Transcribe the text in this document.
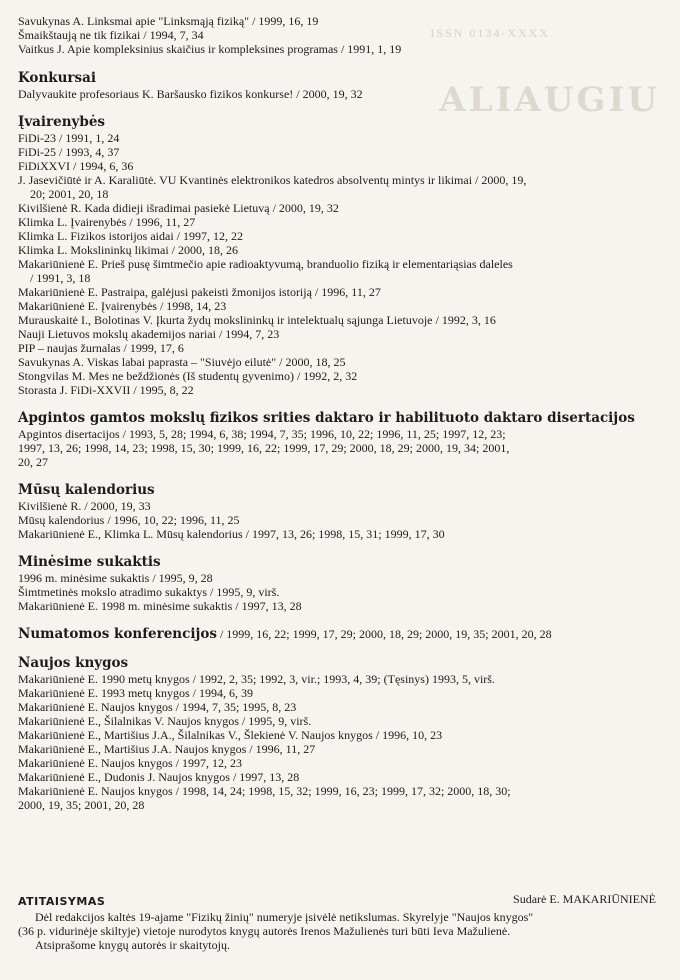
ISSN 0134-XXXX
ALIAUGIU
Savukynas A. Linksmai apie "Linksmąją fiziką" / 1999, 16, 19
Šmaikštaują ne tik fizikai / 1994, 7, 34
Vaitkus J. Apie kompleksinius skaičius ir kompleksines programas / 1991, 1, 19
Konkursai
Dalyvaukite profesoriaus K. Baršausko fizikos konkurse! / 2000, 19, 32
Įvairenybės
FiDi-23 / 1991, 1, 24
FiDi-25 / 1993, 4, 37
FiDiXXVI / 1994, 6, 36
J. Jasevičiūtė ir A. Karaliūtė. VU Kvantinės elektronikos katedros absolventų mintys ir likimai / 2000, 19,
20; 2001, 20, 18
Kivilšienė R. Kada didieji išradimai pasiekė Lietuvą / 2000, 19, 32
Klimka L. Įvairenybės / 1996, 11, 27
Klimka L. Fizikos istorijos aidai / 1997, 12, 22
Klimka L. Mokslininkų likimai / 2000, 18, 26
Makariūnienė E. Prieš pusę šimtmečio apie radioaktyvumą, branduolio fiziką ir elementariąsias daleles
/ 1991, 3, 18
Makariūnienė E. Pastraipa, galėjusi pakeisti žmonijos istoriją / 1996, 11, 27
Makariūnienė E. Įvairenybės / 1998, 14, 23
Murauskaitė I., Bolotinas V. Įkurta žydų mokslininkų ir intelektualų sąjunga Lietuvoje / 1992, 3, 16
Nauji Lietuvos mokslų akademijos nariai / 1994, 7, 23
PIP – naujas žurnalas / 1999, 17, 6
Savukynas A. Viskas labai paprasta – "Siuvėjo eilutė" / 2000, 18, 25
Stongvilas M. Mes ne beždžionės (Iš studentų gyvenimo) / 1992, 2, 32
Storasta J. FiDi-XXVII / 1995, 8, 22
Apgintos gamtos mokslų fizikos srities daktaro ir habilituoto daktaro disertacijos
Apgintos disertacijos / 1993, 5, 28; 1994, 6, 38; 1994, 7, 35; 1996, 10, 22; 1996, 11, 25; 1997, 12, 23;
1997, 13, 26; 1998, 14, 23; 1998, 15, 30; 1999, 16, 22; 1999, 17, 29; 2000, 18, 29; 2000, 19, 34; 2001,
20, 27
Mūsų kalendorius
Kivilšienė R. / 2000, 19, 33
Mūsų kalendorius / 1996, 10, 22; 1996, 11, 25
Makariūnienė E., Klimka L. Mūsų kalendorius / 1997, 13, 26; 1998, 15, 31; 1999, 17, 30
Minėsime sukaktis
1996 m. minėsime sukaktis / 1995, 9, 28
Šimtmetinės mokslo atradimo sukaktys / 1995, 9, virš.
Makariūnienė E. 1998 m. minėsime sukaktis / 1997, 13, 28
Numatomos konferencijos / 1999, 16, 22; 1999, 17, 29; 2000, 18, 29; 2000, 19, 35; 2001, 20, 28
Naujos knygos
Makariūnienė E. 1990 metų knygos / 1992, 2, 35; 1992, 3, vir.; 1993, 4, 39; (Tęsinys) 1993, 5, virš.
Makariūnienė E. 1993 metų knygos / 1994, 6, 39
Makariūnienė E. Naujos knygos / 1994, 7, 35; 1995, 8, 23
Makariūnienė E., Šilalnikas V. Naujos knygos / 1995, 9, virš.
Makariūnienė E., Martišius J.A., Šilalnikas V., Šlekienė V. Naujos knygos / 1996, 10, 23
Makariūnienė E., Martišius J.A. Naujos knygos / 1996, 11, 27
Makariūnienė E. Naujos knygos / 1997, 12, 23
Makariūnienė E., Dudonis J. Naujos knygos / 1997, 13, 28
Makariūnienė E. Naujos knygos / 1998, 14, 24; 1998, 15, 32; 1999, 16, 23; 1999, 17, 32; 2000, 18, 30;
2000, 19, 35; 2001, 20, 28
Sudarė E. MAKARIŪNIENĖ
ATITAISYMAS
Dėl redakcijos kaltės 19-ajame "Fizikų žinių" numeryje įsivėlė netikslumas. Skyrelyje "Naujos knygos"
(36 p. vidurinėje skiltyje) vietoje nurodytos knygų autorės Irenos Mažulienės turi būti Ieva Mažulienė.
Atsiprašome knygų autorės ir skaitytojų.
